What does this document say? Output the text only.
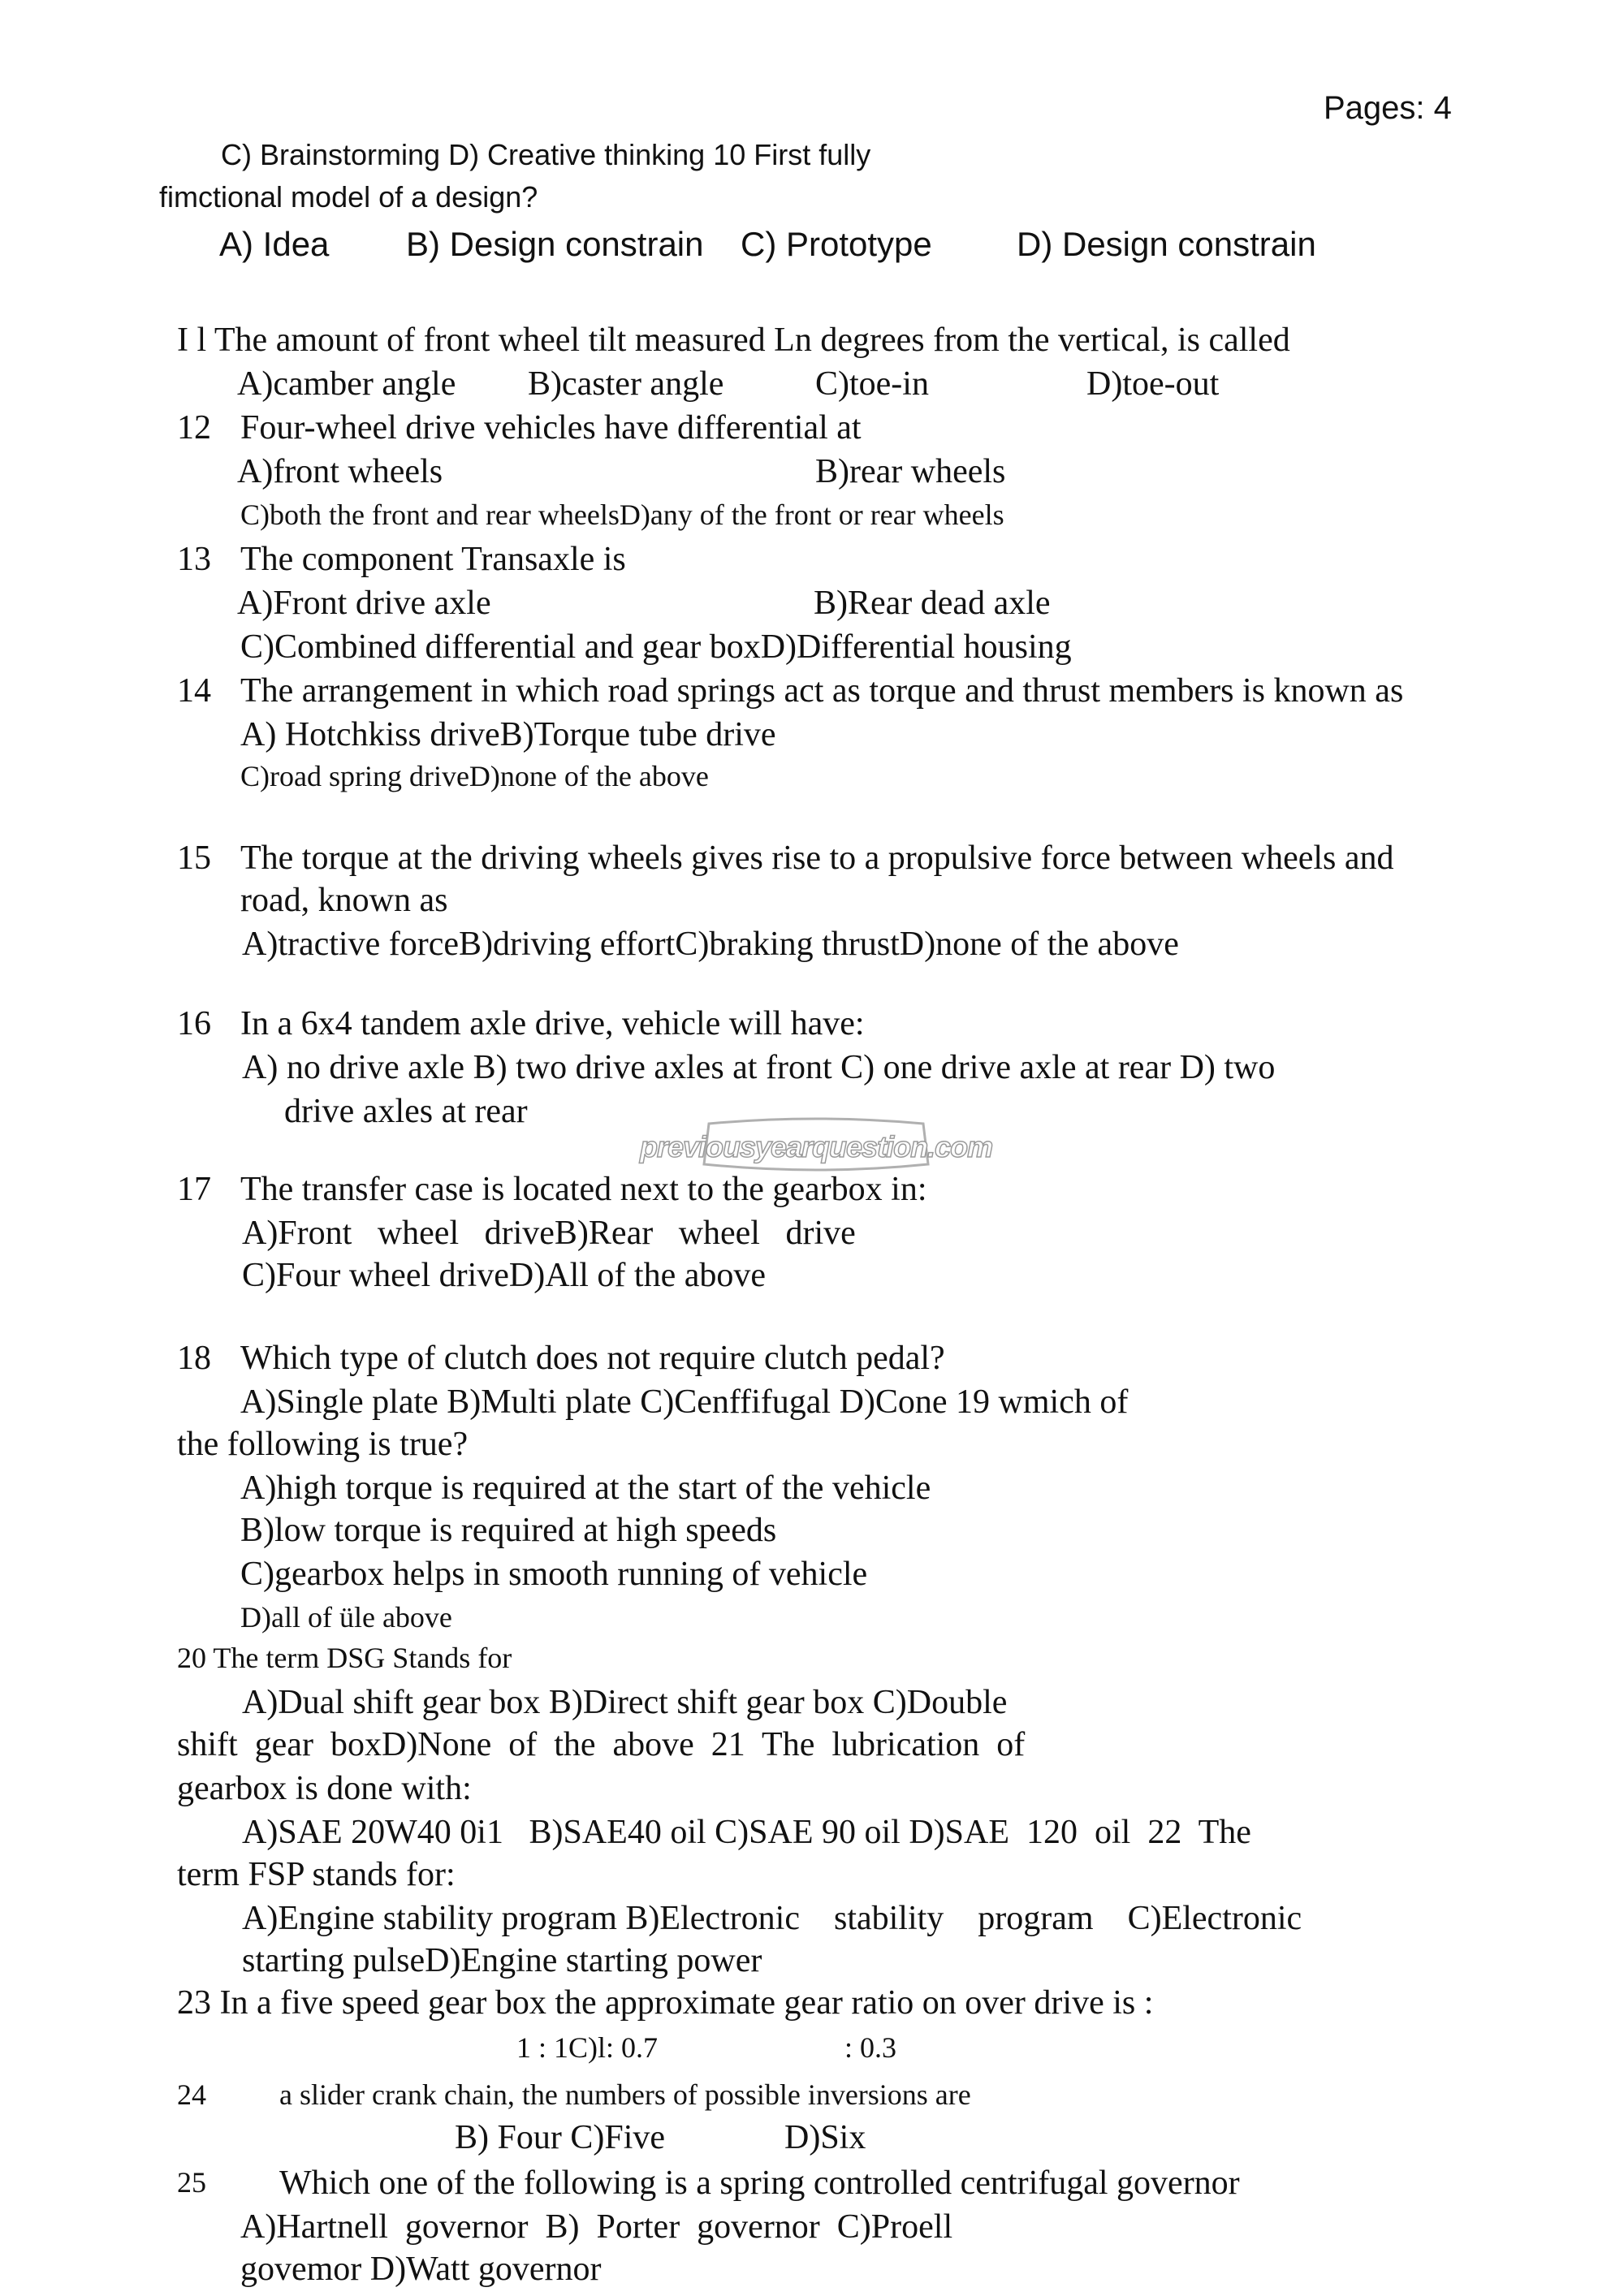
Pages: 4
C) Brainstorming D) Creative thinking 10 First fully
fimctional model of a design?
A) Idea B) Design constrain C) Prototype D) Design constrain
I l The amount of front wheel tilt measured Ln degrees from the vertical, is called
A)camber angle B)caster angle	C)toe-in	D)toe-out
12 Four-wheel drive vehicles have differential at
A)front wheels	B)rear wheels
C)both the front and rear wheelsD)any of the front or rear wheels
13 The component Transaxle is
A)Front drive axle	B)Rear dead axle
C)Combined differential and gear boxD)Differential housing
14 The arrangement in which road springs act as torque and thrust members is known as
A) Hotchkiss driveB)Torque tube drive
C)road spring driveD)none of the above
15 The torque at the driving wheels gives rise to a propulsive force between wheels and
road, known as
A)tractive forceB)driving effortC)braking thrustD)none of the above
16 In a 6x4 tandem axle drive, vehicle will have:
A) no drive axle B) two drive axles at front C) one drive axle at rear D) two
drive axles at rear
previousyearquestion.com
17 The transfer case is located next to the gearbox in:
A)Front   wheel   driveB)Rear   wheel   drive
C)Four wheel driveD)All of the above
18 Which type of clutch does not require clutch pedal?
A)Single plate B)Multi plate C)Cenffifugal D)Cone 19 wmich of
the following is true?
A)high torque is required at the start of the vehicle
B)low torque is required at high speeds
C)gearbox helps in smooth running of vehicle
D)all of üle above
20 The term DSG Stands for
A)Dual shift gear box B)Direct shift gear box C)Double
shift  gear  boxD)None  of  the  above  21  The  lubrication  of
gearbox is done with:
A)SAE 20W40 0i1   B)SAE40 oil C)SAE 90 oil D)SAE  120  oil  22  The
term FSP stands for:
A)Engine stability program B)Electronic    stability    program    C)Electronic
starting pulseD)Engine starting power
23 In a five speed gear box the approximate gear ratio on over drive is :
1 : 1C)l: 0.7	: 0.3
24	a slider crank chain, the numbers of possible inversions are
B) Four C)Five	D)Six
25 Which one of the following is a spring controlled centrifugal governor
A)Hartnell  governor  B)  Porter  governor  C)Proell
govemor D)Watt governor
